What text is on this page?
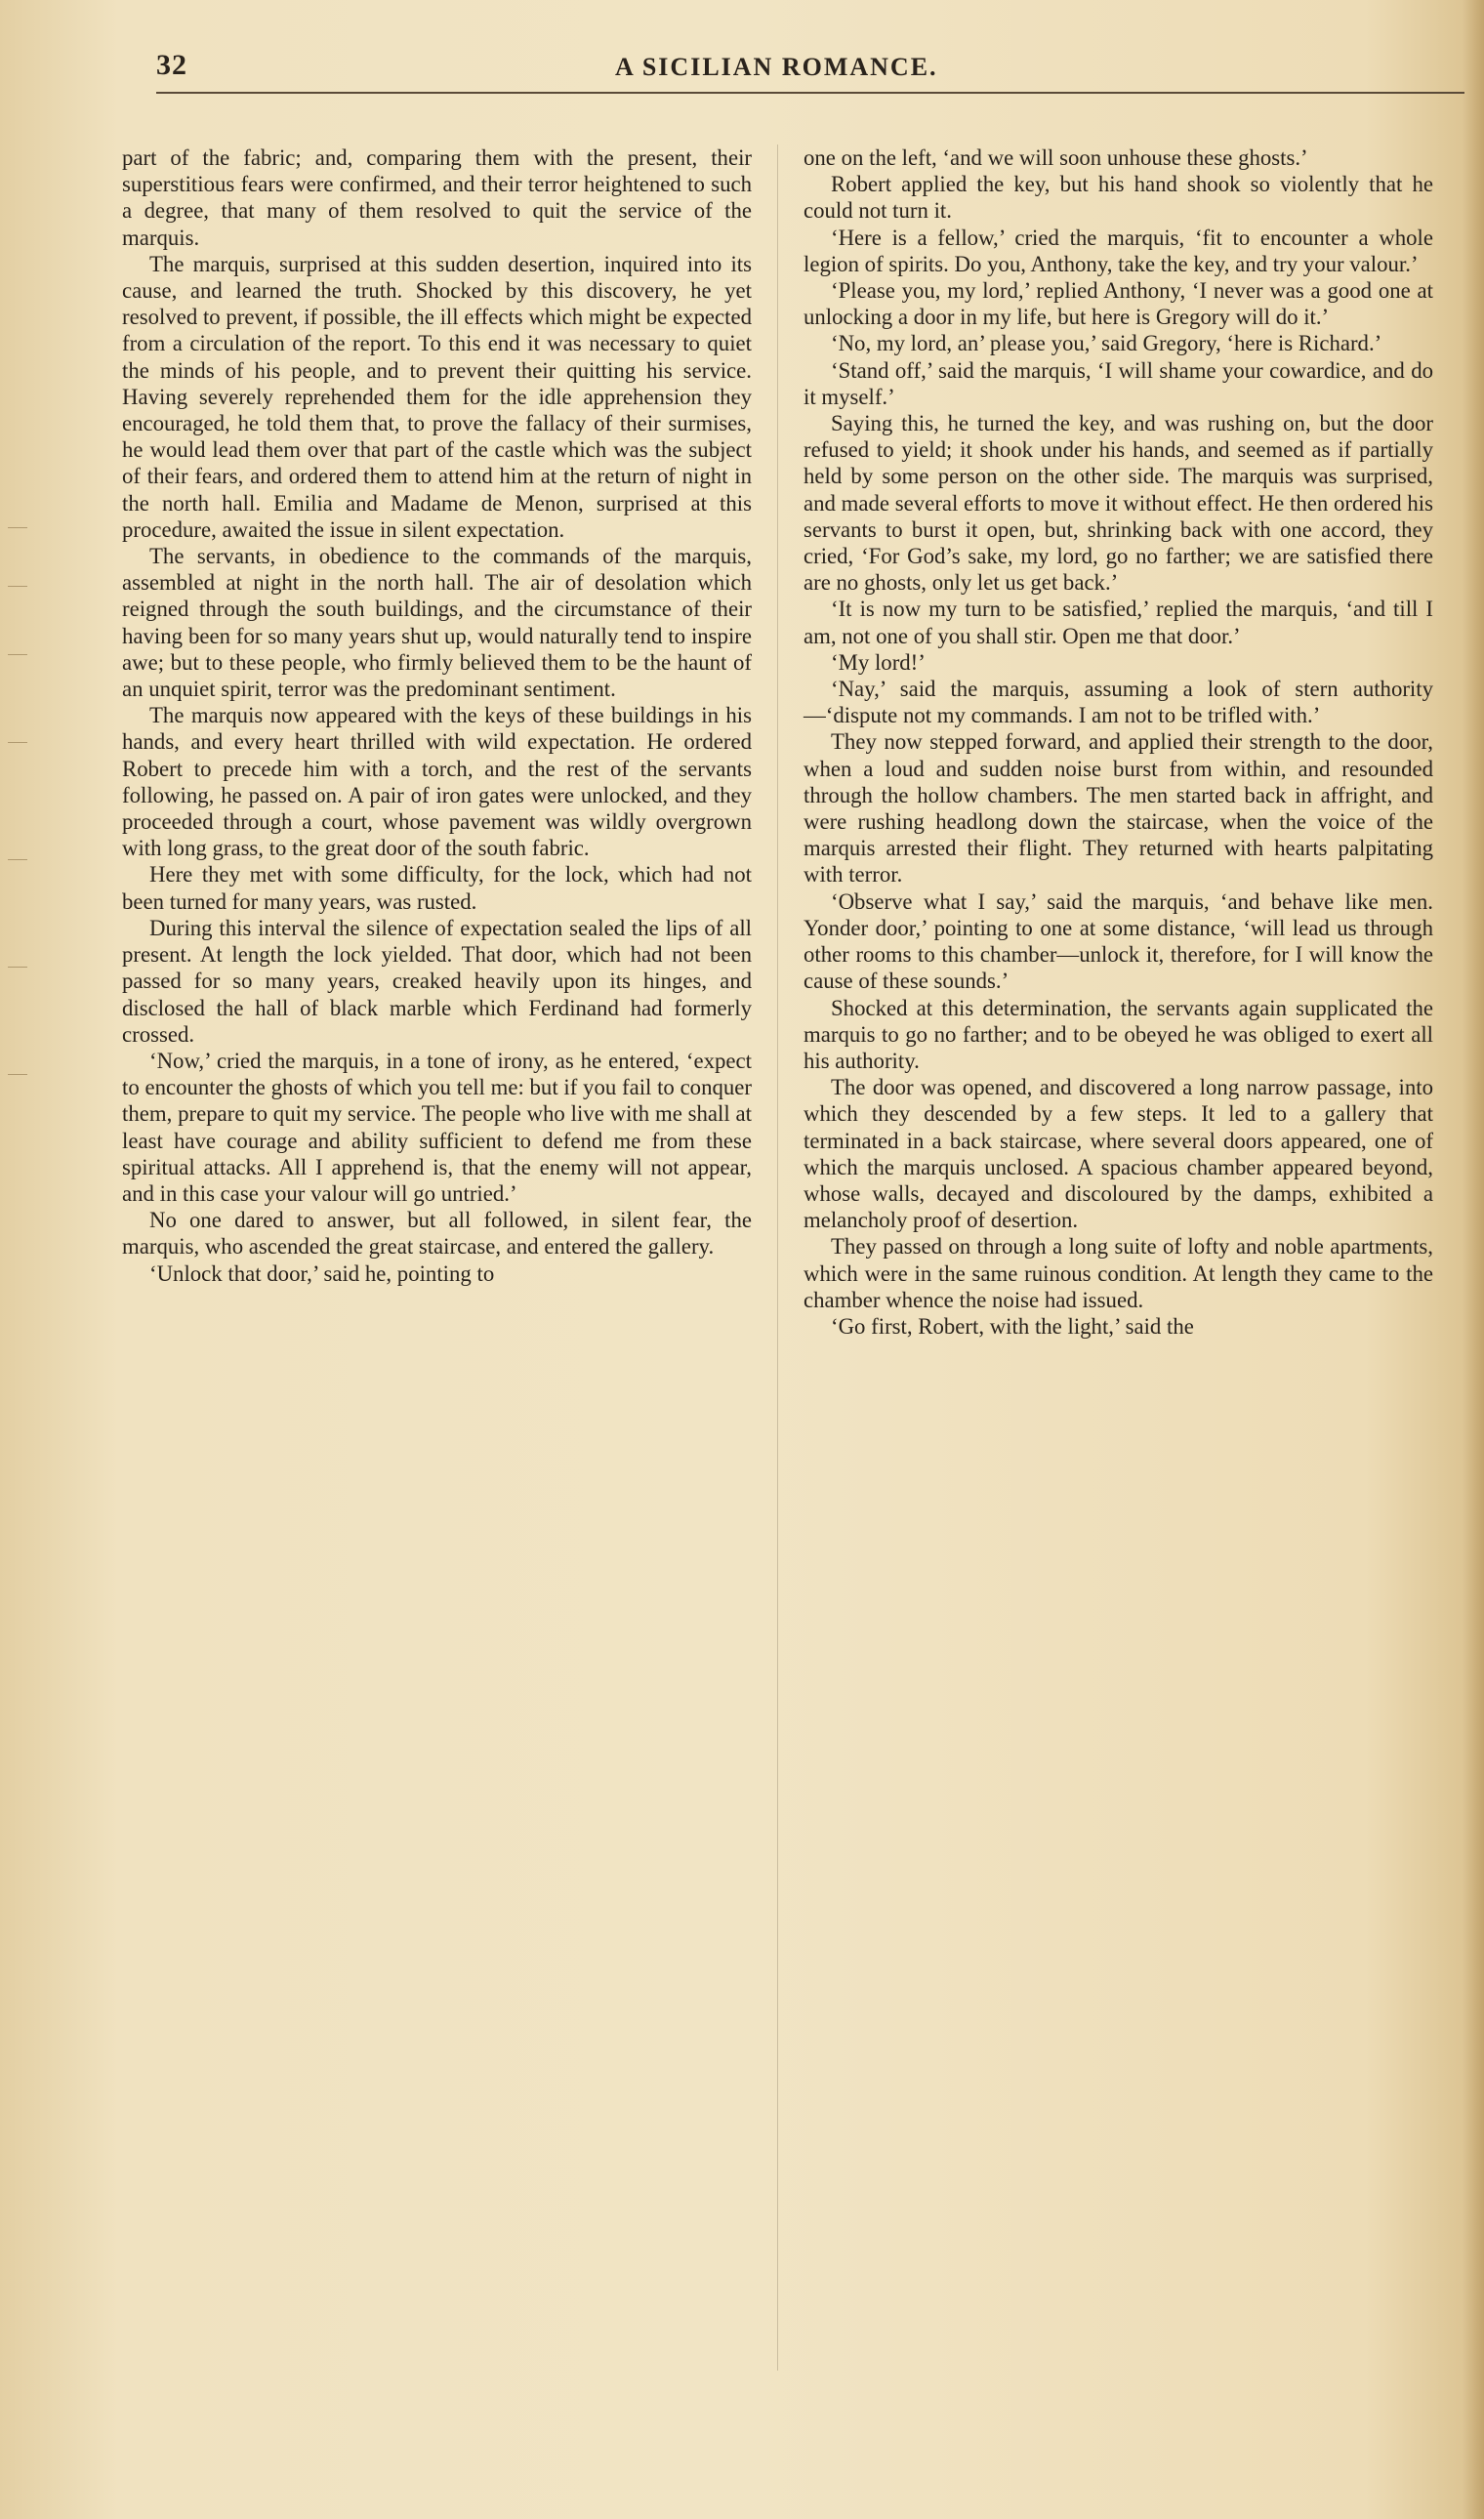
32	A SICILIAN ROMANCE.

part of the fabric; and, comparing them with the present, their superstitious fears were confirmed, and their terror heightened to such a degree, that many of them resolved to quit the service of the marquis.

The marquis, surprised at this sudden desertion, inquired into its cause, and learned the truth. Shocked by this discovery, he yet resolved to prevent, if possible, the ill effects which might be expected from a circulation of the report. To this end it was necessary to quiet the minds of his people, and to prevent their quitting his service. Having severely reprehended them for the idle apprehension they encouraged, he told them that, to prove the fallacy of their surmises, he would lead them over that part of the castle which was the subject of their fears, and ordered them to attend him at the return of night in the north hall. Emilia and Madame de Menon, surprised at this procedure, awaited the issue in silent expectation.

The servants, in obedience to the commands of the marquis, assembled at night in the north hall. The air of desolation which reigned through the south buildings, and the circumstance of their having been for so many years shut up, would naturally tend to inspire awe; but to these people, who firmly believed them to be the haunt of an unquiet spirit, terror was the predominant sentiment.

The marquis now appeared with the keys of these buildings in his hands, and every heart thrilled with wild expectation. He ordered Robert to precede him with a torch, and the rest of the servants following, he passed on. A pair of iron gates were unlocked, and they proceeded through a court, whose pavement was wildly overgrown with long grass, to the great door of the south fabric.

Here they met with some difficulty, for the lock, which had not been turned for many years, was rusted.

During this interval the silence of expectation sealed the lips of all present. At length the lock yielded. That door, which had not been passed for so many years, creaked heavily upon its hinges, and disclosed the hall of black marble which Ferdinand had formerly crossed.

‘Now,’ cried the marquis, in a tone of irony, as he entered, ‘expect to encounter the ghosts of which you tell me: but if you fail to conquer them, prepare to quit my service. The people who live with me shall at least have courage and ability sufficient to defend me from these spiritual attacks. All I apprehend is, that the enemy will not appear, and in this case your valour will go untried.’

No one dared to answer, but all followed, in silent fear, the marquis, who ascended the great staircase, and entered the gallery.

‘Unlock that door,’ said he, pointing to

one on the left, ‘and we will soon unhouse these ghosts.’

Robert applied the key, but his hand shook so violently that he could not turn it.

‘Here is a fellow,’ cried the marquis, ‘fit to encounter a whole legion of spirits. Do you, Anthony, take the key, and try your valour.’

‘Please you, my lord,’ replied Anthony, ‘I never was a good one at unlocking a door in my life, but here is Gregory will do it.’

‘No, my lord, an’ please you,’ said Gregory, ‘here is Richard.’

‘Stand off,’ said the marquis, ‘I will shame your cowardice, and do it myself.’

Saying this, he turned the key, and was rushing on, but the door refused to yield; it shook under his hands, and seemed as if partially held by some person on the other side. The marquis was surprised, and made several efforts to move it without effect. He then ordered his servants to burst it open, but, shrinking back with one accord, they cried, ‘For God’s sake, my lord, go no farther; we are satisfied there are no ghosts, only let us get back.’

‘It is now my turn to be satisfied,’ replied the marquis, ‘and till I am, not one of you shall stir. Open me that door.’

‘My lord!’

‘Nay,’ said the marquis, assuming a look of stern authority—‘dispute not my commands. I am not to be trifled with.’

They now stepped forward, and applied their strength to the door, when a loud and sudden noise burst from within, and resounded through the hollow chambers. The men started back in affright, and were rushing headlong down the staircase, when the voice of the marquis arrested their flight. They returned with hearts palpitating with terror.

‘Observe what I say,’ said the marquis, ‘and behave like men. Yonder door,’ pointing to one at some distance, ‘will lead us through other rooms to this chamber—unlock it, therefore, for I will know the cause of these sounds.’

Shocked at this determination, the servants again supplicated the marquis to go no farther; and to be obeyed he was obliged to exert all his authority.

The door was opened, and discovered a long narrow passage, into which they descended by a few steps. It led to a gallery that terminated in a back staircase, where several doors appeared, one of which the marquis unclosed. A spacious chamber appeared beyond, whose walls, decayed and discoloured by the damps, exhibited a melancholy proof of desertion.

They passed on through a long suite of lofty and noble apartments, which were in the same ruinous condition. At length they came to the chamber whence the noise had issued.

‘Go first, Robert, with the light,’ said the
